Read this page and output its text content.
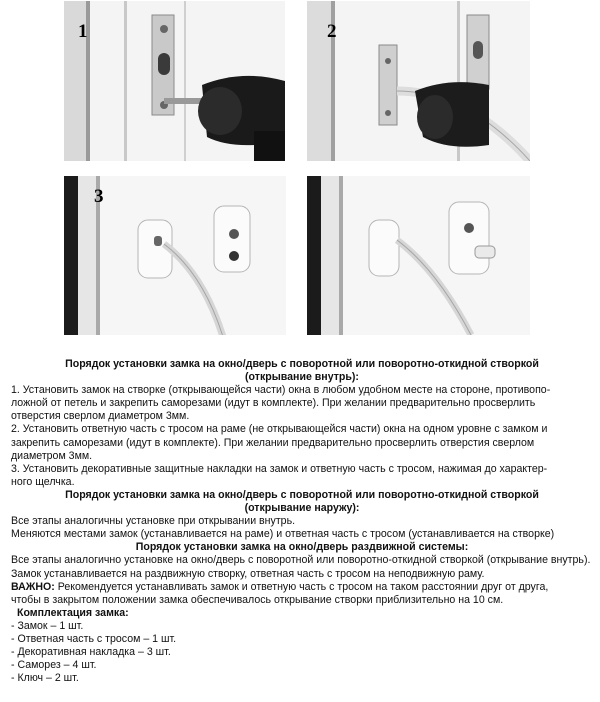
1	2
3

Порядок установки замка на окно/дверь с поворотной или поворотно-откидной створкой

(открывание внутрь):

1. Установить замок на створке (открывающейся части) окна в любом удобном месте на стороне, противопо-

ложной от петель и закрепить саморезами (идут в комплекте). При желании предварительно просверлить

отверстия сверлом диаметром 3мм.

2. Установить ответную часть с тросом на раме (не открывающейся части) окна на одном уровне с замком и

закрепить саморезами (идут в комплекте). При желании предварительно просверлить отверстия сверлом

диаметром 3мм.

3. Установить декоративные защитные накладки на замок и ответную часть с тросом, нажимая до характер-

ного щелчка.

Порядок установки замка на окно/дверь с поворотной или поворотно-откидной створкой

(открывание наружу):

Все этапы аналогичны установке при открывании внутрь.

Меняются местами замок (устанавливается на раме) и ответная часть с тросом (устанавливается на створке)

Порядок установки замка на окно/дверь раздвижной системы:

Все этапы аналогично установке на окно/дверь с поворотной или поворотно-откидной створкой (открывание внутрь).

Замок устанавливается на раздвижную створку, ответная часть с тросом на неподвижную раму.

ВАЖНО: Рекомендуется устанавливать замок и ответную часть с тросом на таком расстоянии друг от друга,

чтобы в закрытом положении замка обеспечивалось открывание створки приблизительно на 10 см.

Комплектация замка:

- Замок – 1 шт.

- Ответная часть с тросом – 1 шт.

- Декоративная накладка – 3 шт.

- Саморез – 4 шт.

- Ключ – 2 шт.
